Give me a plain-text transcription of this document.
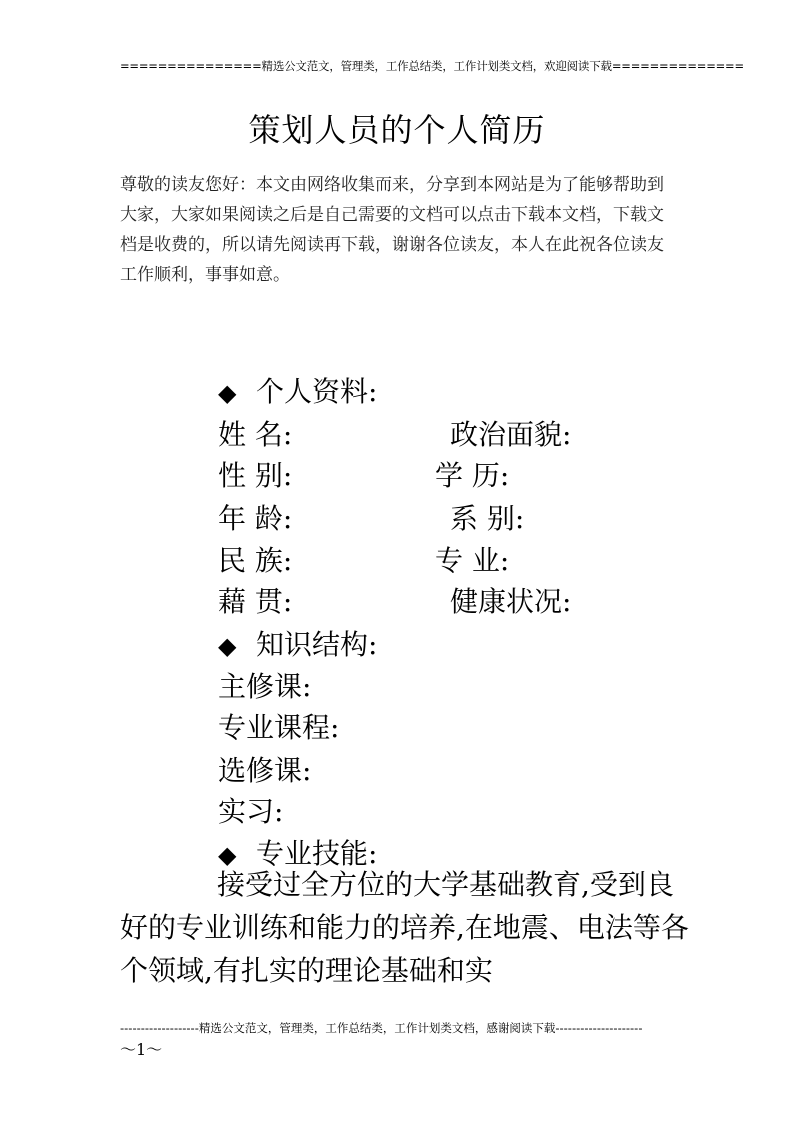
===============精选公文范文，管理类，工作总结类，工作计划类文档，欢迎阅读下载==============
策划人员的个人简历
尊敬的读友您好：本文由网络收集而来，分享到本网站是为了能够帮助到大家，大家如果阅读之后是自己需要的文档可以点击下载本文档，下载文档是收费的，所以请先阅读再下载，谢谢各位读友，本人在此祝各位读友工作顺利，事事如意。
◆ 个人资料:
姓 名:	政治面貌:
性 别:	学 历:
年 龄:	系 别:
民 族:	专 业:
藉 贯:	健康状况:
◆ 知识结构:
主修课:
专业课程:
选修课:
实习:
◆ 专业技能:
接受过全方位的大学基础教育,受到良好的专业训练和能力的培养,在地震、电法等各个领域,有扎实的理论基础和实
-------------------精选公文范文，管理类，工作总结类，工作计划类文档，感谢阅读下载---------------------
～1～
